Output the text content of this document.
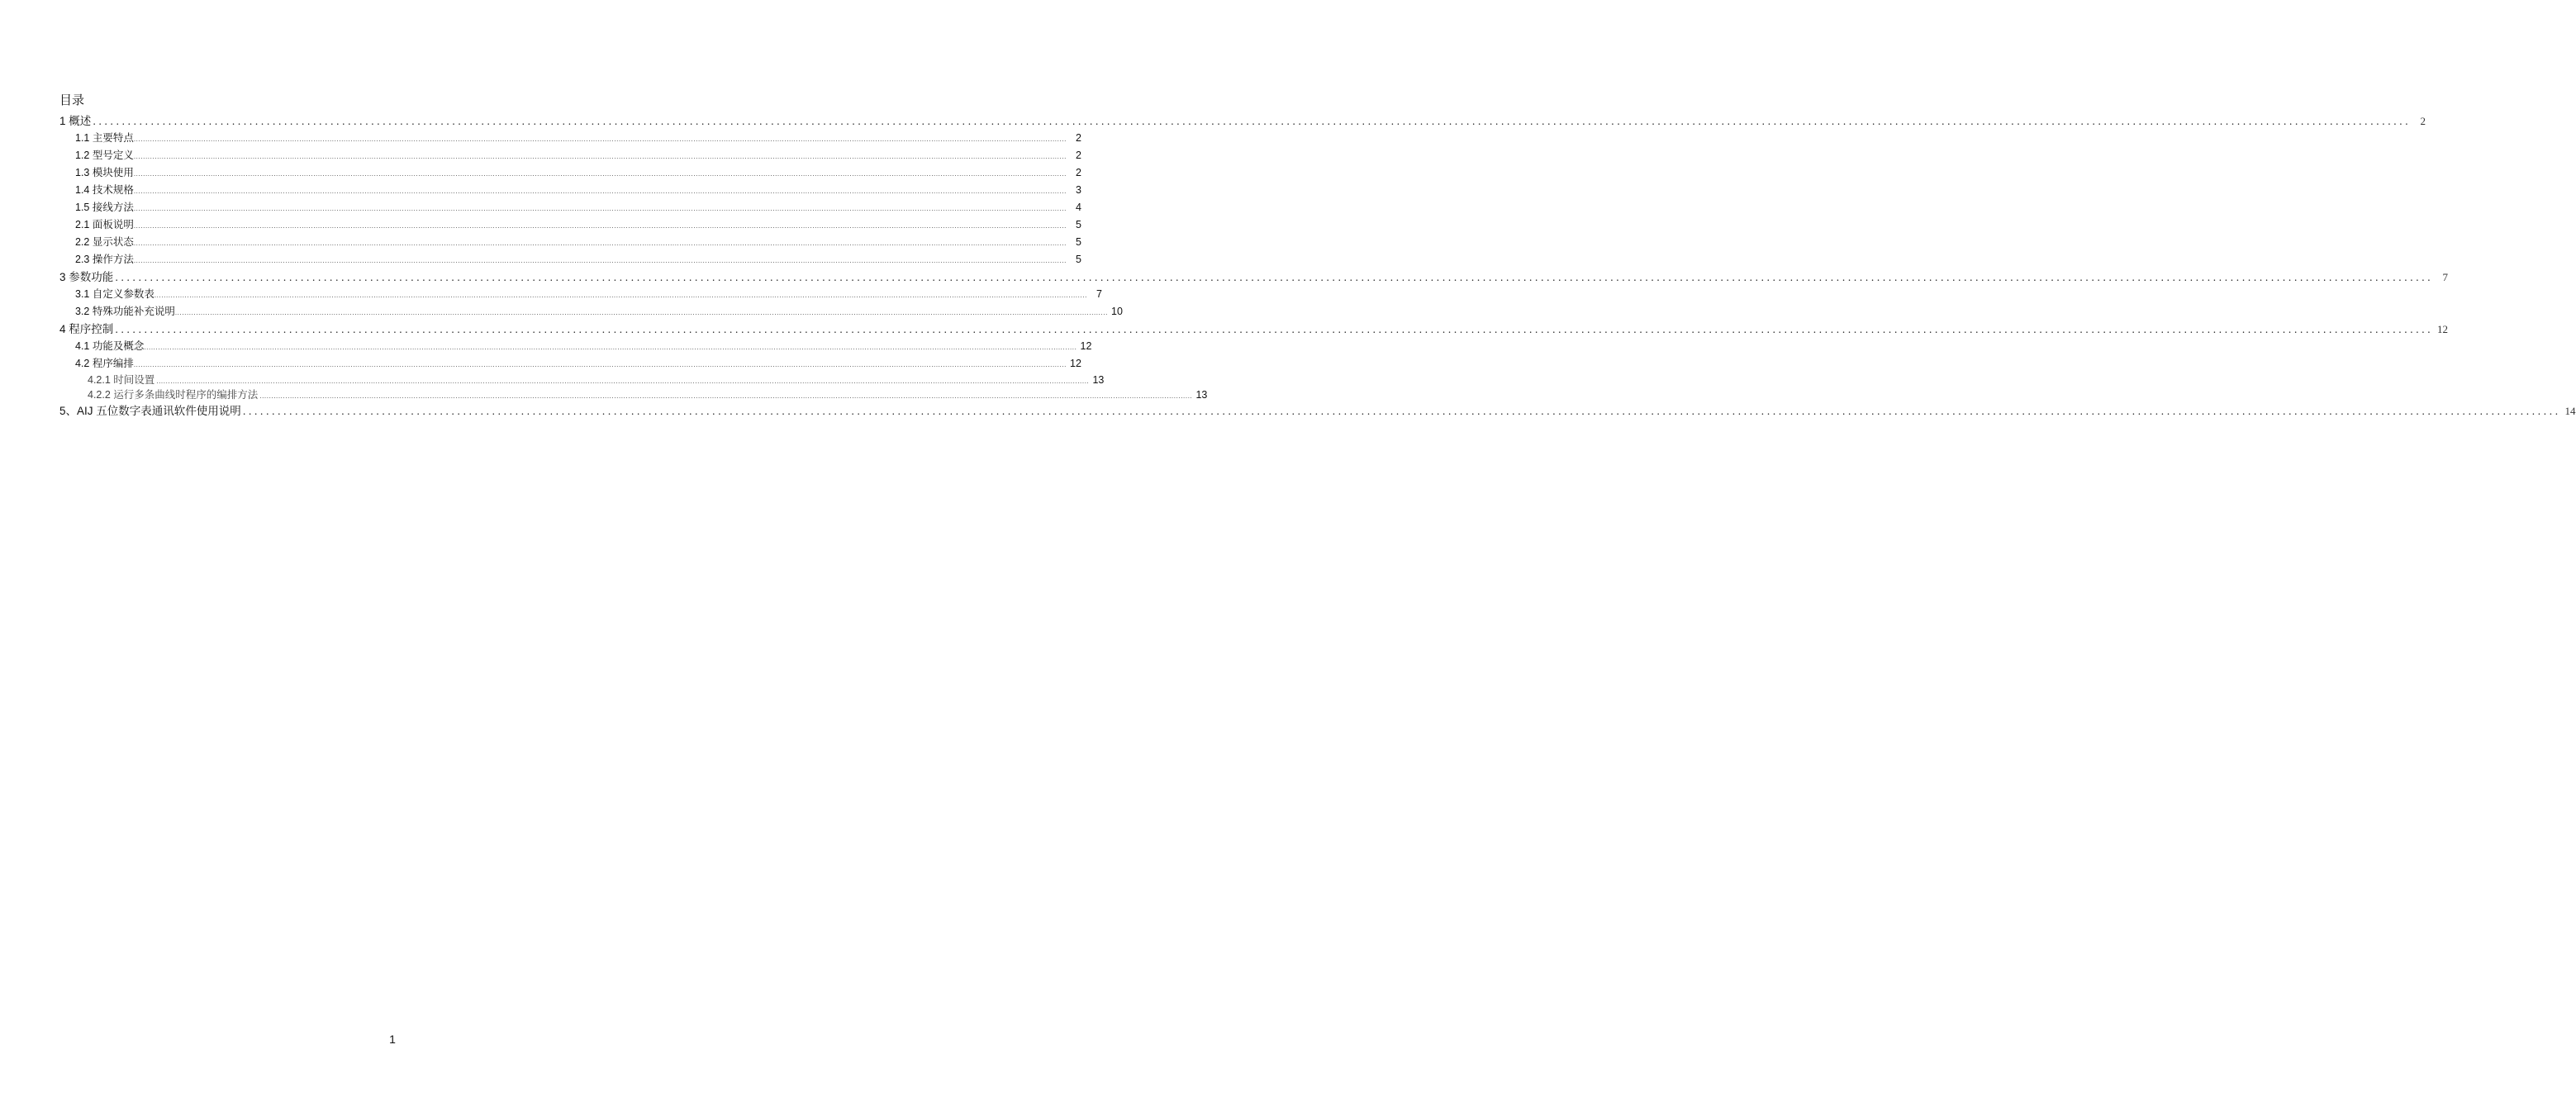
目录
1 概述 ................................................................................................................................................................................................................................................................................................................................................................................................................ 2
1.1 主要特点 ................................................................................................................................................................................................................................................................................................................................................................................................................ 2
1.2 型号定义 ................................................................................................................................................................................................................................................................................................................................................................................................................ 2
1.3 模块使用 ................................................................................................................................................................................................................................................................................................................................................................................................................ 2
1.4 技术规格 ................................................................................................................................................................................................................................................................................................................................................................................................................ 3
1.5 接线方法 ................................................................................................................................................................................................................................................................................................................................................................................................................ 4
2.1 面板说明 ................................................................................................................................................................................................................................................................................................................................................................................................................ 5
2.2 显示状态 ................................................................................................................................................................................................................................................................................................................................................................................................................ 5
2.3 操作方法 ................................................................................................................................................................................................................................................................................................................................................................................................................ 5
3 参数功能 ................................................................................................................................................................................................................................................................................................................................................................................................................ 7
3.1 自定义参数表 ................................................................................................................................................................................................................................................................................................................................................................................................................ 7
3.2 特殊功能补充说明 ................................................................................................................................................................................................................................................................................................................................................................................................................ 10
4 程序控制 ................................................................................................................................................................................................................................................................................................................................................................................................................ 12
4.1 功能及概念 ................................................................................................................................................................................................................................................................................................................................................................................................................ 12
4.2 程序编排 ................................................................................................................................................................................................................................................................................................................................................................................................................ 12
4.2.1 时间设置 ................................................................................................................................................................................................................................................................................................................................................................................................................ 13
4.2.2 运行多条曲线时程序的编排方法 ................................................................................................................................................................................................................................................................................................................................................................................................................ 13
5、AIJ 五位数字表通讯软件使用说明 ................................................................................................................................................................................................................................................................................................................................................................................................................ 14
1
